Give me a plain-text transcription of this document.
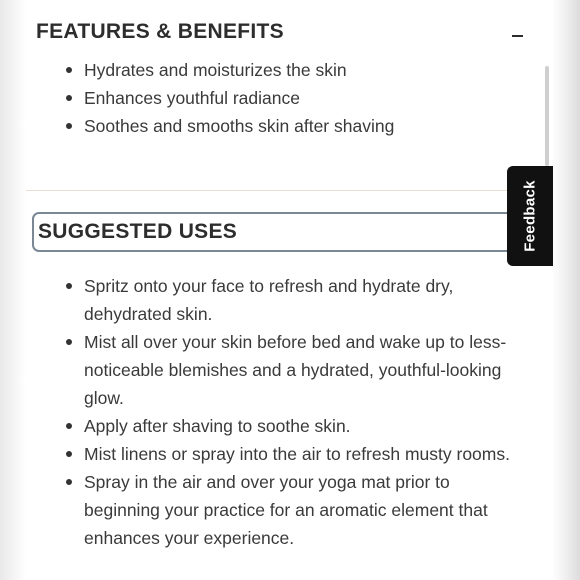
FEATURES & BENEFITS
Hydrates and moisturizes the skin
Enhances youthful radiance
Soothes and smooths skin after shaving
SUGGESTED USES
Spritz onto your face to refresh and hydrate dry,
dehydrated skin.
Mist all over your skin before bed and wake up to less-
noticeable blemishes and a hydrated, youthful-looking
glow.
Apply after shaving to soothe skin.
Mist linens or spray into the air to refresh musty rooms.
Spray in the air and over your yoga mat prior to
beginning your practice for an aromatic element that
enhances your experience.
Feedback
